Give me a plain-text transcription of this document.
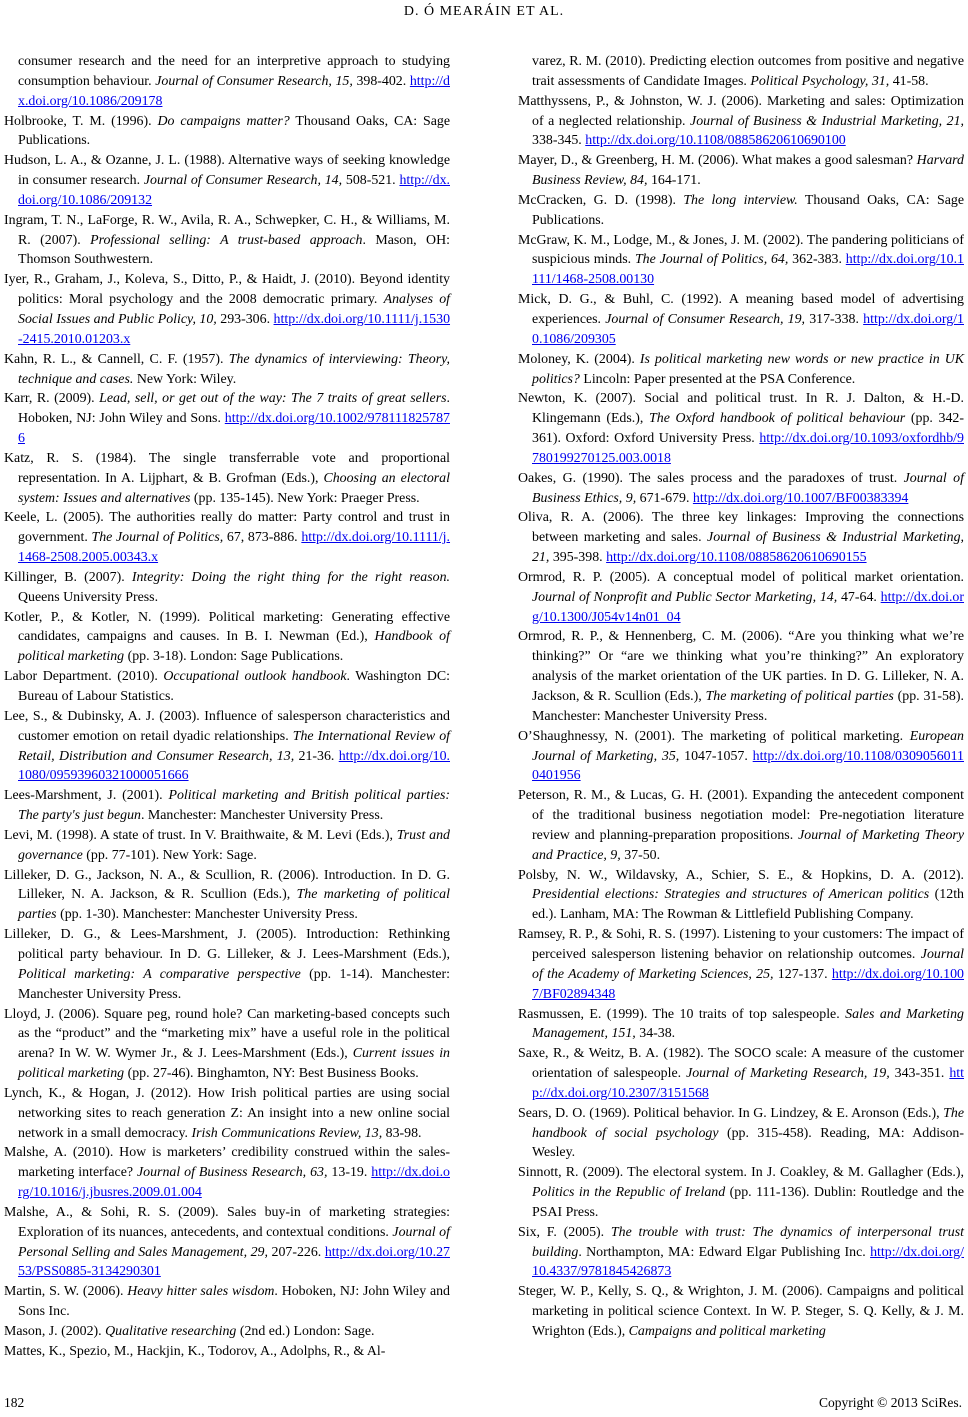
D. Ó MEARÁIN ET AL.

consumer research and the need for an interpretive approach to studying consumption behaviour. Journal of Consumer Research, 15, 398-402. http://dx.doi.org/10.1086/209178

Holbrooke, T. M. (1996). Do campaigns matter? Thousand Oaks, CA: Sage Publications.

Hudson, L. A., & Ozanne, J. L. (1988). Alternative ways of seeking knowledge in consumer research. Journal of Consumer Research, 14, 508-521. http://dx.doi.org/10.1086/209132

Ingram, T. N., LaForge, R. W., Avila, R. A., Schwepker, C. H., & Williams, M. R. (2007). Professional selling: A trust-based approach. Mason, OH: Thomson Southwestern.

Iyer, R., Graham, J., Koleva, S., Ditto, P., & Haidt, J. (2010). Beyond identity politics: Moral psychology and the 2008 democratic primary. Analyses of Social Issues and Public Policy, 10, 293-306. http://dx.doi.org/10.1111/j.1530-2415.2010.01203.x

Kahn, R. L., & Cannell, C. F. (1957). The dynamics of interviewing: Theory, technique and cases. New York: Wiley.

Karr, R. (2009). Lead, sell, or get out of the way: The 7 traits of great sellers. Hoboken, NJ: John Wiley and Sons. http://dx.doi.org/10.1002/9781118257876

Katz, R. S. (1984). The single transferrable vote and proportional representation. In A. Lijphart, & B. Grofman (Eds.), Choosing an electoral system: Issues and alternatives (pp. 135-145). New York: Praeger Press.

Keele, L. (2005). The authorities really do matter: Party control and trust in government. The Journal of Politics, 67, 873-886. http://dx.doi.org/10.1111/j.1468-2508.2005.00343.x

Killinger, B. (2007). Integrity: Doing the right thing for the right reason. Queens University Press.

Kotler, P., & Kotler, N. (1999). Political marketing: Generating effective candidates, campaigns and causes. In B. I. Newman (Ed.), Handbook of political marketing (pp. 3-18). London: Sage Publications.

Labor Department. (2010). Occupational outlook handbook. Washington DC: Bureau of Labour Statistics.

Lee, S., & Dubinsky, A. J. (2003). Influence of salesperson characteristics and customer emotion on retail dyadic relationships. The International Review of Retail, Distribution and Consumer Research, 13, 21-36. http://dx.doi.org/10.1080/09593960321000051666

Lees-Marshment, J. (2001). Political marketing and British political parties: The party's just begun. Manchester: Manchester University Press.

Levi, M. (1998). A state of trust. In V. Braithwaite, & M. Levi (Eds.), Trust and governance (pp. 77-101). New York: Sage.

Lilleker, D. G., Jackson, N. A., & Scullion, R. (2006). Introduction. In D. G. Lilleker, N. A. Jackson, & R. Scullion (Eds.), The marketing of political parties (pp. 1-30). Manchester: Manchester University Press.

Lilleker, D. G., & Lees-Marshment, J. (2005). Introduction: Rethinking political party behaviour. In D. G. Lilleker, & J. Lees-Marshment (Eds.), Political marketing: A comparative perspective (pp. 1-14). Manchester: Manchester University Press.

Lloyd, J. (2006). Square peg, round hole? Can marketing-based concepts such as the “product” and the “marketing mix” have a useful role in the political arena? In W. W. Wymer Jr., & J. Lees-Marshment (Eds.), Current issues in political marketing (pp. 27-46). Binghamton, NY: Best Business Books.

Lynch, K., & Hogan, J. (2012). How Irish political parties are using social networking sites to reach generation Z: An insight into a new online social network in a small democracy. Irish Communications Review, 13, 83-98.

Malshe, A. (2010). How is marketers’ credibility construed within the sales-marketing interface? Journal of Business Research, 63, 13-19. http://dx.doi.org/10.1016/j.jbusres.2009.01.004

Malshe, A., & Sohi, R. S. (2009). Sales buy-in of marketing strategies: Exploration of its nuances, antecedents, and contextual conditions. Journal of Personal Selling and Sales Management, 29, 207-226. http://dx.doi.org/10.2753/PSS0885-3134290301

Martin, S. W. (2006). Heavy hitter sales wisdom. Hoboken, NJ: John Wiley and Sons Inc.

Mason, J. (2002). Qualitative researching (2nd ed.) London: Sage.

Mattes, K., Spezio, M., Hackjin, K., Todorov, A., Adolphs, R., & Al-

varez, R. M. (2010). Predicting election outcomes from positive and negative trait assessments of Candidate Images. Political Psychology, 31, 41-58.

Matthyssens, P., & Johnston, W. J. (2006). Marketing and sales: Optimization of a neglected relationship. Journal of Business & Industrial Marketing, 21, 338-345. http://dx.doi.org/10.1108/08858620610690100

Mayer, D., & Greenberg, H. M. (2006). What makes a good salesman? Harvard Business Review, 84, 164-171.

McCracken, G. D. (1998). The long interview. Thousand Oaks, CA: Sage Publications.

McGraw, K. M., Lodge, M., & Jones, J. M. (2002). The pandering politicians of suspicious minds. The Journal of Politics, 64, 362-383. http://dx.doi.org/10.1111/1468-2508.00130

Mick, D. G., & Buhl, C. (1992). A meaning based model of advertising experiences. Journal of Consumer Research, 19, 317-338. http://dx.doi.org/10.1086/209305

Moloney, K. (2004). Is political marketing new words or new practice in UK politics? Lincoln: Paper presented at the PSA Conference.

Newton, K. (2007). Social and political trust. In R. J. Dalton, & H.-D. Klingemann (Eds.), The Oxford handbook of political behaviour (pp. 342-361). Oxford: Oxford University Press. http://dx.doi.org/10.1093/oxfordhb/9780199270125.003.0018

Oakes, G. (1990). The sales process and the paradoxes of trust. Journal of Business Ethics, 9, 671-679. http://dx.doi.org/10.1007/BF00383394

Oliva, R. A. (2006). The three key linkages: Improving the connections between marketing and sales. Journal of Business & Industrial Marketing, 21, 395-398. http://dx.doi.org/10.1108/08858620610690155

Ormrod, R. P. (2005). A conceptual model of political market orientation. Journal of Nonprofit and Public Sector Marketing, 14, 47-64. http://dx.doi.org/10.1300/J054v14n01_04

Ormrod, R. P., & Hennenberg, C. M. (2006). “Are you thinking what we’re thinking?” Or “are we thinking what you’re thinking?” An exploratory analysis of the market orientation of the UK parties. In D. G. Lilleker, N. A. Jackson, & R. Scullion (Eds.), The marketing of political parties (pp. 31-58). Manchester: Manchester University Press.

O’Shaughnessy, N. (2001). The marketing of political marketing. European Journal of Marketing, 35, 1047-1057. http://dx.doi.org/10.1108/03090560110401956

Peterson, R. M., & Lucas, G. H. (2001). Expanding the antecedent component of the traditional business negotiation model: Pre-negotiation literature review and planning-preparation propositions. Journal of Marketing Theory and Practice, 9, 37-50.

Polsby, N. W., Wildavsky, A., Schier, S. E., & Hopkins, D. A. (2012). Presidential elections: Strategies and structures of American politics (12th ed.). Lanham, MA: The Rowman & Littlefield Publishing Company.

Ramsey, R. P., & Sohi, R. S. (1997). Listening to your customers: The impact of perceived salesperson listening behavior on relationship outcomes. Journal of the Academy of Marketing Sciences, 25, 127-137. http://dx.doi.org/10.1007/BF02894348

Rasmussen, E. (1999). The 10 traits of top salespeople. Sales and Marketing Management, 151, 34-38.

Saxe, R., & Weitz, B. A. (1982). The SOCO scale: A measure of the customer orientation of salespeople. Journal of Marketing Research, 19, 343-351. http://dx.doi.org/10.2307/3151568

Sears, D. O. (1969). Political behavior. In G. Lindzey, & E. Aronson (Eds.), The handbook of social psychology (pp. 315-458). Reading, MA: Addison-Wesley.

Sinnott, R. (2009). The electoral system. In J. Coakley, & M. Gallagher (Eds.), Politics in the Republic of Ireland (pp. 111-136). Dublin: Routledge and the PSAI Press.

Six, F. (2005). The trouble with trust: The dynamics of interpersonal trust building. Northampton, MA: Edward Elgar Publishing Inc. http://dx.doi.org/10.4337/9781845426873

Steger, W. P., Kelly, S. Q., & Wrighton, J. M. (2006). Campaigns and political marketing in political science Context. In W. P. Steger, S. Q. Kelly, & J. M. Wrighton (Eds.), Campaigns and political marketing

182	Copyright © 2013 SciRes.
